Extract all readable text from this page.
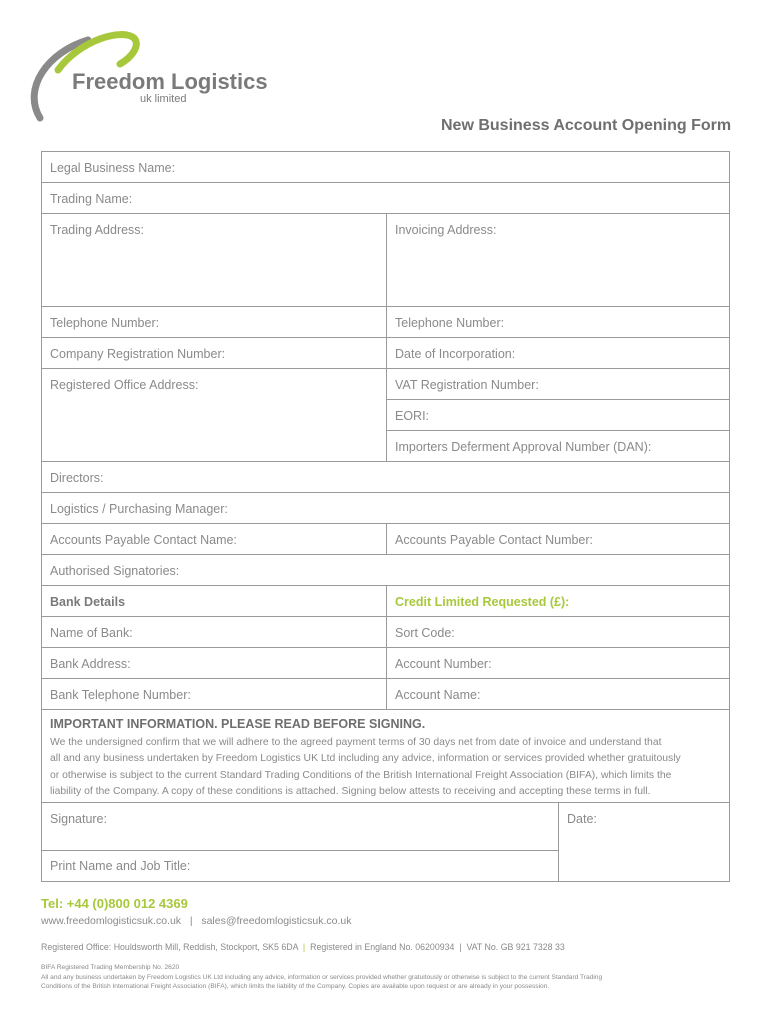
Freedom Logistics
uk limited
New Business Account Opening Form
Legal Business Name:
Trading Name:
Trading Address:	Invoicing Address:
Telephone Number:	Telephone Number:
Company Registration Number:	Date of Incorporation:
Registered Office Address:	VAT Registration Number:
EORI:
Importers Deferment Approval Number (DAN):
Directors:
Logistics / Purchasing Manager:
Accounts Payable Contact Name:	Accounts Payable Contact Number:
Authorised Signatories:
Bank Details	Credit Limited Requested (£):
Name of Bank:	Sort Code:
Bank Address:	Account Number:
Bank Telephone Number:	Account Name:
IMPORTANT INFORMATION. PLEASE READ BEFORE SIGNING.
We the undersigned confirm that we will adhere to the agreed payment terms of 30 days net from date of invoice and understand that
all and any business undertaken by Freedom Logistics UK Ltd including any advice, information or services provided whether gratuitously
or otherwise is subject to the current Standard Trading Conditions of the British International Freight Association (BIFA), which limits the
liability of the Company. A copy of these conditions is attached. Signing below attests to receiving and accepting these terms in full.
Signature:	Date:
Print Name and Job Title:
Tel: +44 (0)800 012 4369
www.freedomlogisticsuk.co.uk | sales@freedomlogisticsuk.co.uk
Registered Office: Houldsworth Mill, Reddish, Stockport, SK5 6DA | Registered in England No. 06200934 | VAT No. GB 921 7328 33
BIFA Registered Trading Membership No. 2620
All and any business undertaken by Freedom Logistics UK Ltd including any advice, information or services provided whether gratuitously or otherwise is subject to the current Standard Trading
Conditions of the British International Freight Association (BIFA), which limits the liability of the Company. Copies are available upon request or are already in your possession.
